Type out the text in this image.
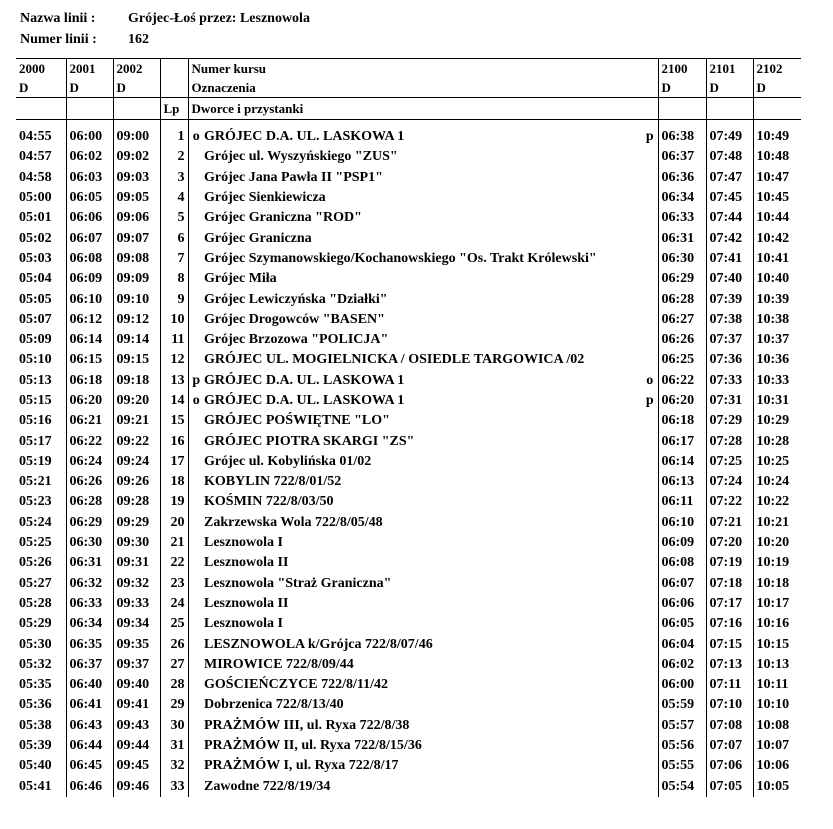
Nazwa linii : Grójec-Łoś przez: Lesznowola
Numer linii : 162
2000	2001	2002		Numer kursu			2100	2101	2102
D	D	D		Oznaczenia			D	D	D
			Lp	Dworce i przystanki					

04:55	06:00	09:00	1	o	GRÓJEC D.A. UL. LASKOWA 1	p	06:38	07:49	10:49
04:57	06:02	09:02	2		Grójec ul. Wyszyńskiego "ZUS"		06:37	07:48	10:48
04:58	06:03	09:03	3		Grójec Jana Pawła II "PSP1"		06:36	07:47	10:47
05:00	06:05	09:05	4		Grójec Sienkiewicza		06:34	07:45	10:45
05:01	06:06	09:06	5		Grójec Graniczna "ROD"		06:33	07:44	10:44
05:02	06:07	09:07	6		Grójec Graniczna		06:31	07:42	10:42
05:03	06:08	09:08	7		Grójec Szymanowskiego/Kochanowskiego "Os. Trakt Królewski"		06:30	07:41	10:41
05:04	06:09	09:09	8		Grójec Miła		06:29	07:40	10:40
05:05	06:10	09:10	9		Grójec Lewiczyńska "Działki"		06:28	07:39	10:39
05:07	06:12	09:12	10		Grójec Drogowców "BASEN"		06:27	07:38	10:38
05:09	06:14	09:14	11		Grójec Brzozowa "POLICJA"		06:26	07:37	10:37
05:10	06:15	09:15	12		GRÓJEC UL. MOGIELNICKA / OSIEDLE TARGOWICA /02		06:25	07:36	10:36
05:13	06:18	09:18	13	p	GRÓJEC D.A. UL. LASKOWA 1	o	06:22	07:33	10:33
05:15	06:20	09:20	14	o	GRÓJEC D.A. UL. LASKOWA 1	p	06:20	07:31	10:31
05:16	06:21	09:21	15		GRÓJEC POŚWIĘTNE "LO"		06:18	07:29	10:29
05:17	06:22	09:22	16		GRÓJEC PIOTRA SKARGI "ZS"		06:17	07:28	10:28
05:19	06:24	09:24	17		Grójec ul. Kobylińska 01/02		06:14	07:25	10:25
05:21	06:26	09:26	18		KOBYLIN 722/8/01/52		06:13	07:24	10:24
05:23	06:28	09:28	19		KOŚMIN 722/8/03/50		06:11	07:22	10:22
05:24	06:29	09:29	20		Zakrzewska Wola 722/8/05/48		06:10	07:21	10:21
05:25	06:30	09:30	21		Lesznowola I		06:09	07:20	10:20
05:26	06:31	09:31	22		Lesznowola II		06:08	07:19	10:19
05:27	06:32	09:32	23		Lesznowola "Straż Graniczna"		06:07	07:18	10:18
05:28	06:33	09:33	24		Lesznowola II		06:06	07:17	10:17
05:29	06:34	09:34	25		Lesznowola I		06:05	07:16	10:16
05:30	06:35	09:35	26		LESZNOWOLA k/Grójca 722/8/07/46		06:04	07:15	10:15
05:32	06:37	09:37	27		MIROWICE 722/8/09/44		06:02	07:13	10:13
05:35	06:40	09:40	28		GOŚCIEŃCZYCE 722/8/11/42		06:00	07:11	10:11
05:36	06:41	09:41	29		Dobrzenica 722/8/13/40		05:59	07:10	10:10
05:38	06:43	09:43	30		PRAŻMÓW III, ul. Ryxa 722/8/38		05:57	07:08	10:08
05:39	06:44	09:44	31		PRAŻMÓW II, ul. Ryxa 722/8/15/36		05:56	07:07	10:07
05:40	06:45	09:45	32		PRAŻMÓW I, ul. Ryxa 722/8/17		05:55	07:06	10:06
05:41	06:46	09:46	33		Zawodne 722/8/19/34		05:54	07:05	10:05
